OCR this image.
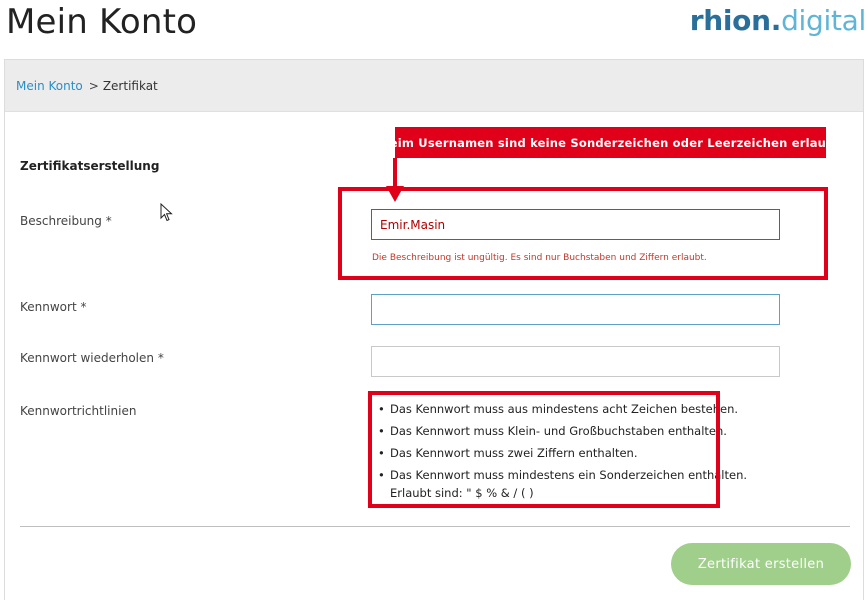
Mein Konto	rhion.digital
Mein Konto > Zertifikat
Zertifikatserstellung
Beschreibung *
Emir.Masin
Die Beschreibung ist ungültig. Es sind nur Buchstaben und Ziffern erlaubt.
Kennwort *
Kennwort wiederholen *
Kennwortrichtlinien	• Das Kennwort muss aus mindestens acht Zeichen bestehen.
• Das Kennwort muss Klein- und Großbuchstaben enthalten.
• Das Kennwort muss zwei Ziffern enthalten.
• Das Kennwort muss mindestens ein Sonderzeichen enthalten.
Erlaubt sind: " $ % & / ( )
Zertifikat erstellen
Beim Usernamen sind keine Sonderzeichen oder Leerzeichen erlaubt
